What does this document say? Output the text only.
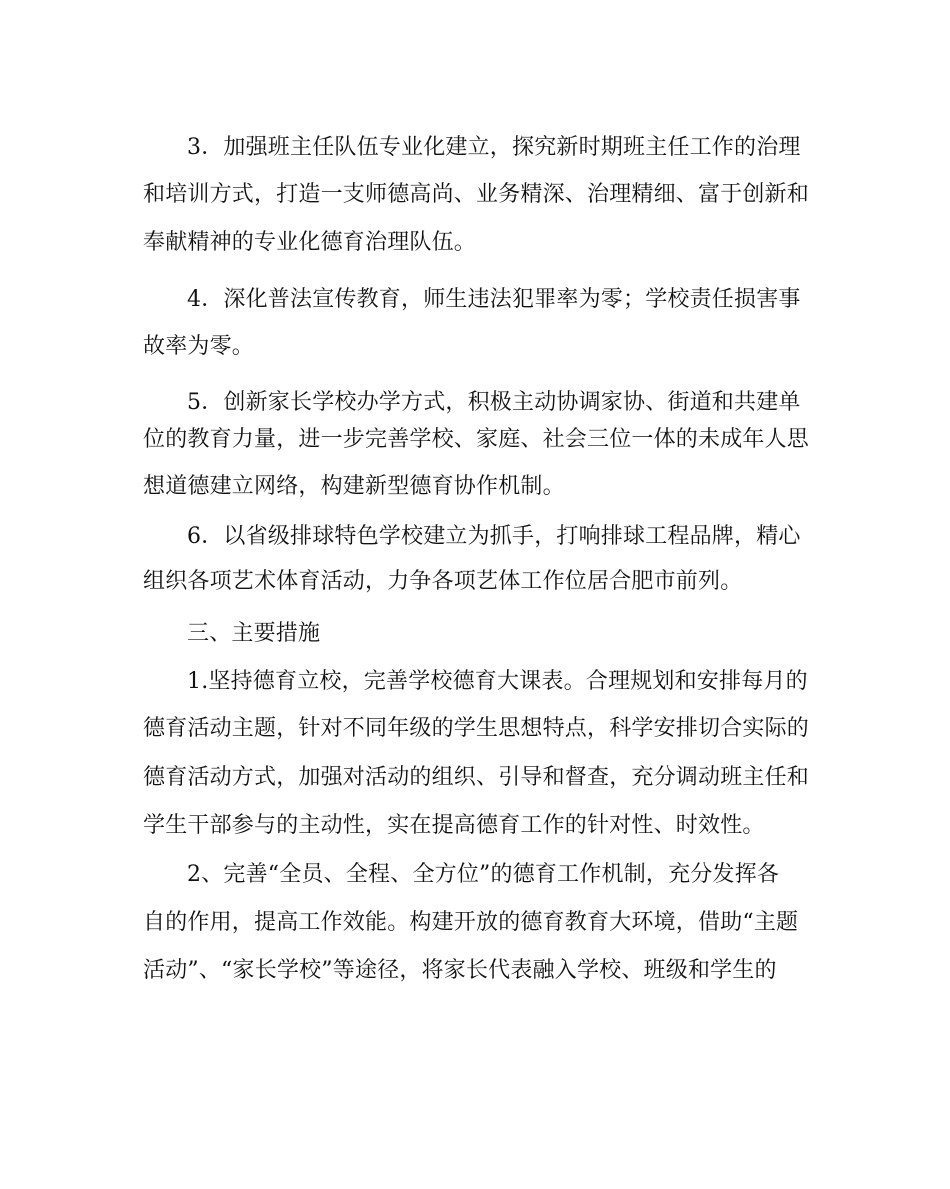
3．加强班主任队伍专业化建立，探究新时期班主任工作的治理
和培训方式，打造一支师德高尚、业务精深、治理精细、富于创新和
奉献精神的专业化德育治理队伍。
4．深化普法宣传教育，师生违法犯罪率为零；学校责任损害事
故率为零。
5．创新家长学校办学方式，积极主动协调家协、街道和共建单
位的教育力量，进一步完善学校、家庭、社会三位一体的未成年人思
想道德建立网络，构建新型德育协作机制。
6．以省级排球特色学校建立为抓手，打响排球工程品牌，精心
组织各项艺术体育活动，力争各项艺体工作位居合肥市前列。
三、主要措施
1.坚持德育立校，完善学校德育大课表。合理规划和安排每月的
德育活动主题，针对不同年级的学生思想特点，科学安排切合实际的
德育活动方式，加强对活动的组织、引导和督查，充分调动班主任和
学生干部参与的主动性，实在提高德育工作的针对性、时效性。
2、完善“全员、全程、全方位”的德育工作机制，充分发挥各
自的作用，提高工作效能。构建开放的德育教育大环境，借助“主题
活动”、“家长学校”等途径，将家长代表融入学校、班级和学生的
